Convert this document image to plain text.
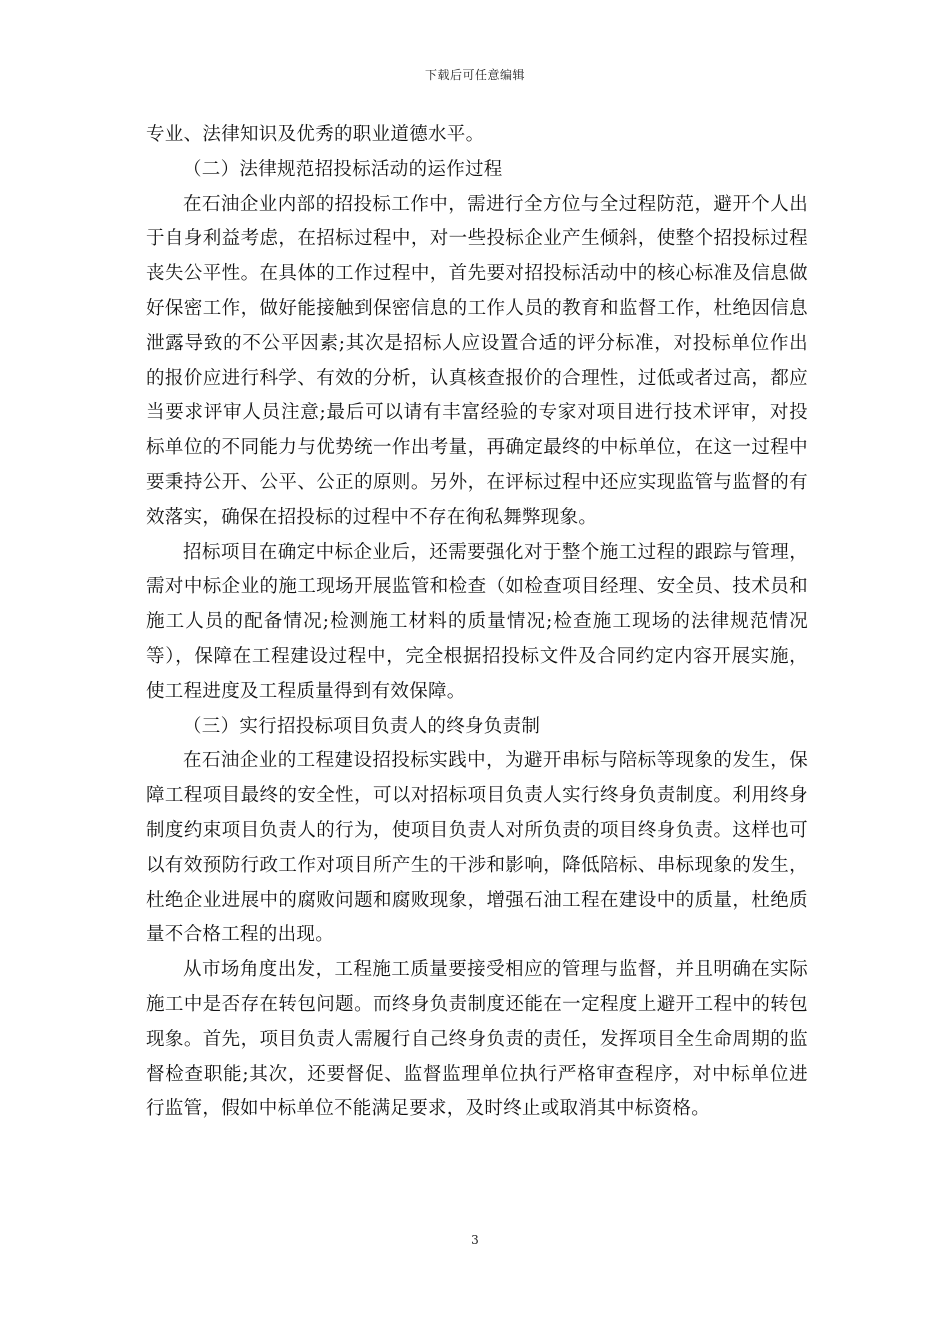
下载后可任意编辑

专业、法律知识及优秀的职业道德水平。

（二）法律规范招投标活动的运作过程

在石油企业内部的招投标工作中，需进行全方位与全过程防范，避开个人出于自身利益考虑，在招标过程中，对一些投标企业产生倾斜，使整个招投标过程丧失公平性。在具体的工作过程中，首先要对招投标活动中的核心标准及信息做好保密工作，做好能接触到保密信息的工作人员的教育和监督工作，杜绝因信息泄露导致的不公平因素;其次是招标人应设置合适的评分标准，对投标单位作出的报价应进行科学、有效的分析，认真核查报价的合理性，过低或者过高，都应当要求评审人员注意;最后可以请有丰富经验的专家对项目进行技术评审，对投标单位的不同能力与优势统一作出考量，再确定最终的中标单位，在这一过程中要秉持公开、公平、公正的原则。另外，在评标过程中还应实现监管与监督的有效落实，确保在招投标的过程中不存在徇私舞弊现象。

招标项目在确定中标企业后，还需要强化对于整个施工过程的跟踪与管理，需对中标企业的施工现场开展监管和检查（如检查项目经理、安全员、技术员和施工人员的配备情况;检测施工材料的质量情况;检查施工现场的法律规范情况等），保障在工程建设过程中，完全根据招投标文件及合同约定内容开展实施，使工程进度及工程质量得到有效保障。

（三）实行招投标项目负责人的终身负责制

在石油企业的工程建设招投标实践中，为避开串标与陪标等现象的发生，保障工程项目最终的安全性，可以对招标项目负责人实行终身负责制度。利用终身制度约束项目负责人的行为，使项目负责人对所负责的项目终身负责。这样也可以有效预防行政工作对项目所产生的干涉和影响，降低陪标、串标现象的发生，杜绝企业进展中的腐败问题和腐败现象，增强石油工程在建设中的质量，杜绝质量不合格工程的出现。

从市场角度出发，工程施工质量要接受相应的管理与监督，并且明确在实际施工中是否存在转包问题。而终身负责制度还能在一定程度上避开工程中的转包现象。首先，项目负责人需履行自己终身负责的责任，发挥项目全生命周期的监督检查职能;其次，还要督促、监督监理单位执行严格审查程序，对中标单位进行监管，假如中标单位不能满足要求，及时终止或取消其中标资格。

3
